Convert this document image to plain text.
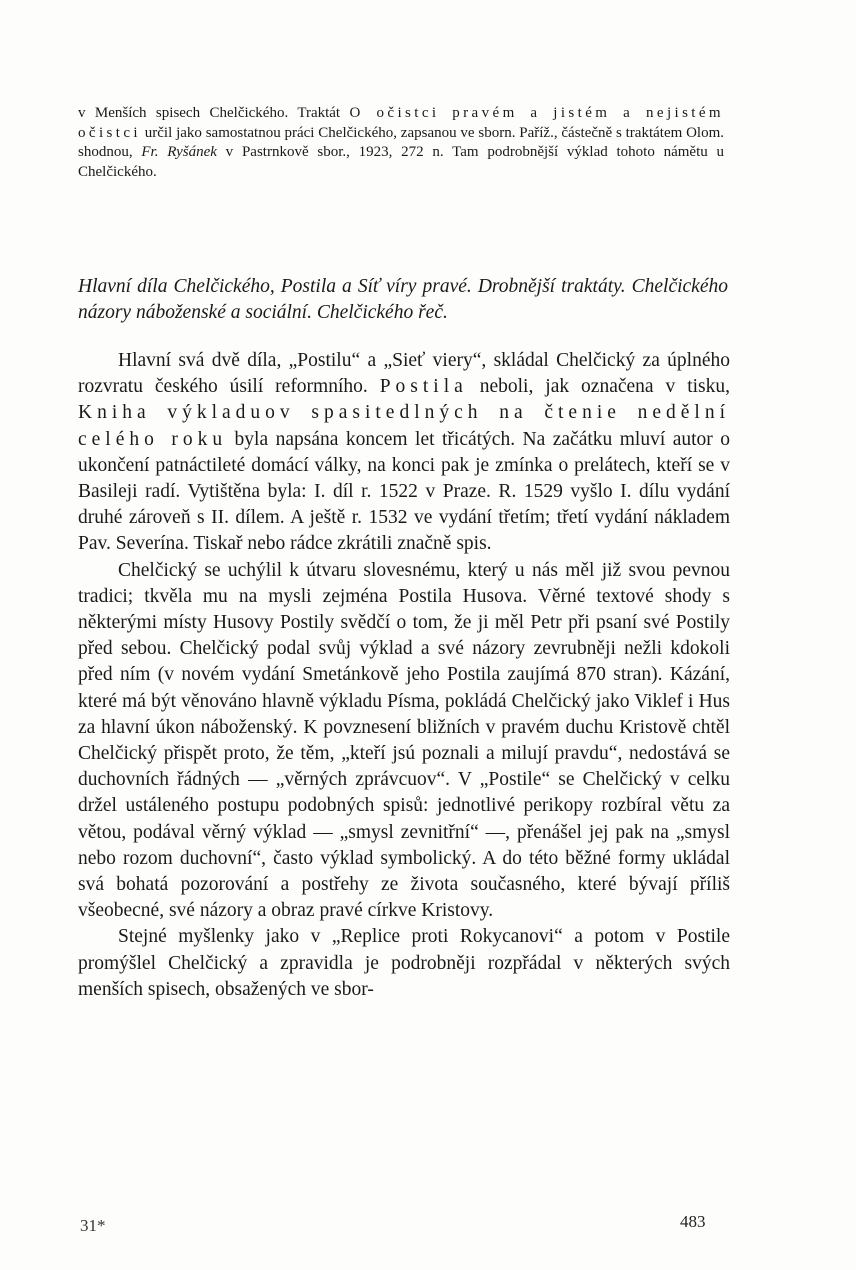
v Menších spisech Chelčického. Traktát O očistci pravém a jistém a nejistém očistci určil jako samostatnou práci Chelčického, zapsanou ve sborn. Paříž., částečně s traktátem Olom. shodnou, Fr. Ryšánek v Pastrnkově sbor., 1923, 272 n. Tam podrobnější výklad tohoto námětu u Chelčického.

Hlavní díla Chelčického, Postila a Síť víry pravé. Drobnější traktáty. Chelčického názory náboženské a sociální. Chelčického řeč.

Hlavní svá dvě díla, „Postilu“ a „Sieť viery“, skládal Chelčický za úplného rozvratu českého úsilí reformního. Postila neboli, jak označena v tisku, Kniha výkladuov spasitedlných na čtenie nedělní celého roku byla napsána koncem let třicátých. Na začátku mluví autor o ukončení patnáctileté domácí války, na konci pak je zmínka o prelátech, kteří se v Basileji radí. Vytištěna byla: I. díl r. 1522 v Praze. R. 1529 vyšlo I. dílu vydání druhé zároveň s II. dílem. A ještě r. 1532 ve vydání třetím; třetí vydání nákladem Pav. Severína. Tiskař nebo rádce zkrátili značně spis.

Chelčický se uchýlil k útvaru slovesnému, který u nás měl již svou pevnou tradici; tkvěla mu na mysli zejména Postila Husova. Věrné textové shody s některými místy Husovy Postily svědčí o tom, že ji měl Petr při psaní své Postily před sebou. Chelčický podal svůj výklad a své názory zevrubněji nežli kdokoli před ním (v novém vydání Smetánkově jeho Postila zaujímá 870 stran). Kázání, které má být věnováno hlavně výkladu Písma, pokládá Chelčický jako Viklef i Hus za hlavní úkon náboženský. K povznesení bližních v pravém duchu Kristově chtěl Chelčický přispět proto, že těm, „kteří jsú poznali a milují pravdu“, nedostává se duchovních řádných — „věrných zprávcuov“. V „Postile“ se Chelčický v celku držel ustáleného postupu podobných spisů: jednotlivé perikopy rozbíral větu za větou, podával věrný výklad — „smysl zevnitřní“ —, přenášel jej pak na „smysl nebo rozom duchovní“, často výklad symbolický. A do této běžné formy ukládal svá bohatá pozorování a postřehy ze života současného, které bývají příliš všeobecné, své názory a obraz pravé církve Kristovy.

Stejné myšlenky jako v „Replice proti Rokycanovi“ a potom v Postile promýšlel Chelčický a zpravidla je podrobněji rozpřádal v některých svých menších spisech, obsažených ve sbor-

31*	483
